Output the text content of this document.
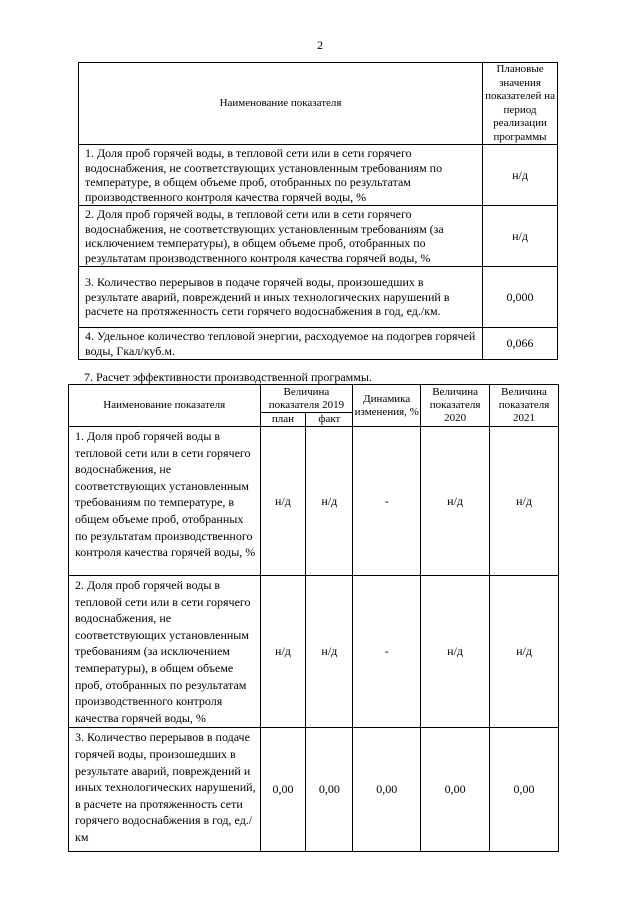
2
Наименование показателя	Плановые значения показателей на период реализации программы
1. Доля проб горячей воды, в тепловой сети или в сети горячего водоснабжения, не соответствующих установленным требованиям по температуре, в общем объеме проб, отобранных по результатам производственного контроля качества горячей воды, %	н/д
2. Доля проб горячей воды, в тепловой сети или в сети горячего водоснабжения, не соответствующих установленным требованиям (за исключением температуры), в общем объеме проб, отобранных по результатам производственного контроля качества горячей воды, %	н/д
3. Количество перерывов в подаче горячей воды, произошедших в результате аварий, повреждений и иных технологических нарушений в расчете на протяженность сети горячего водоснабжения в год, ед./км.	0,000
4. Удельное количество тепловой энергии, расходуемое на подогрев горячей воды, Гкал/куб.м.	0,066
7. Расчет эффективности производственной программы.
Наименование показателя	Величина показателя 2019		Динамика изменения, %	Величина показателя 2020	Величина показателя 2021
	план	факт			
1. Доля проб горячей воды в тепловой сети или в сети горячего водоснабжения, не соответствующих установленным требованиям по температуре, в общем объеме проб, отобранных по результатам производственного контроля качества горячей воды, %	н/д	н/д	-	н/д	н/д
2. Доля проб горячей воды в тепловой сети или в сети горячего водоснабжения, не соответствующих установленным требованиям (за исключением температуры), в общем объеме проб, отобранных по результатам производственного контроля качества горячей воды, %	н/д	н/д	-	н/д	н/д
3. Количество перерывов в подаче горячей воды, произошедших в результате аварий, повреждений и иных технологических нарушений, в расчете на протяженность сети горячего водоснабжения в год, ед./км	0,00	0,00	0,00	0,00	0,00
